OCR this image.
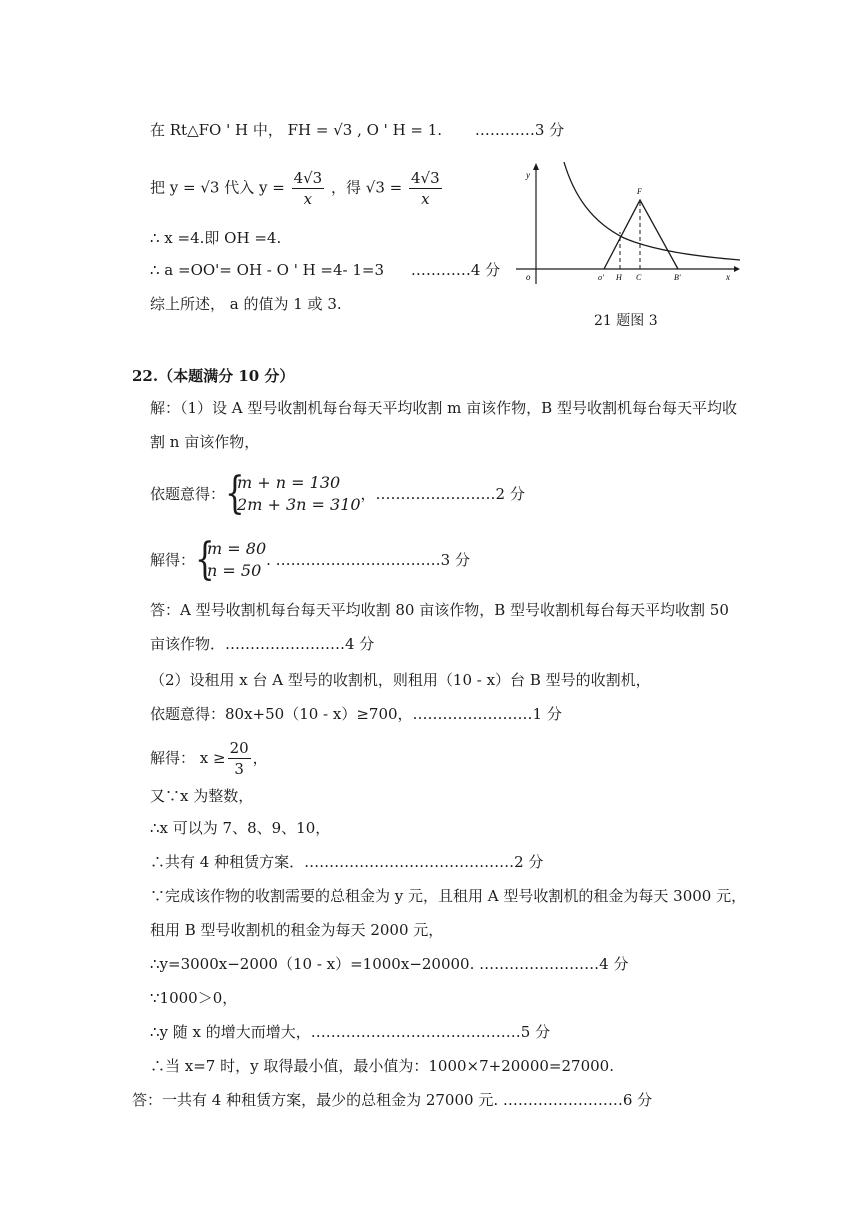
在 Rt△FO ' H 中， FH = √3 , O ' H = 1. …………3 分
把 y = √3 代入 $y = \frac{4√3}{x}$ ，得 $√3 = \frac{4√3}{x}$
∴ x =4.即 OH =4.
∴ a =OO'= OH - O ' H =4- 1=3 …………4 分
综上所述， a 的值为 1 或 3.
y
x
o	o' H C	B'
F
21 题图 3
22.（本题满分 10 分）
解：（1）设 A 型号收割机每台每天平均收割 m 亩该作物，B 型号收割机每台每天平均收
割 n 亩该作物，
依题意得： {
m + n = 130
2m + 3n = 310
，……………………2 分
解得： {
m = 80
n = 50
. ……………………………3 分
答：A 型号收割机每台每天平均收割 80 亩该作物，B 型号收割机每台每天平均收割 50
亩该作物．……………………4 分
（2）设租用 x 台 A 型号的收割机，则租用（10 - x）台 B 型号的收割机，
依题意得：80x+50（10 - x）≥700，……………………1 分
解得： $x \ge \frac{20}{3}$ ，
又∵x 为整数，
∴x 可以为 7、8、9、10，
∴共有 4 种租赁方案．……………………………………2 分
∵完成该作物的收割需要的总租金为 y 元，且租用 A 型号收割机的租金为每天 3000 元，
租用 B 型号收割机的租金为每天 2000 元，
∴y=3000x−2000（10 - x）=1000x−20000. ……………………4 分
∵1000＞0，
∴y 随 x 的增大而增大，……………………………………5 分
∴当 x=7 时，y 取得最小值，最小值为：1000×7+20000=27000.
答：一共有 4 种租赁方案，最少的总租金为 27000 元. ……………………6 分
